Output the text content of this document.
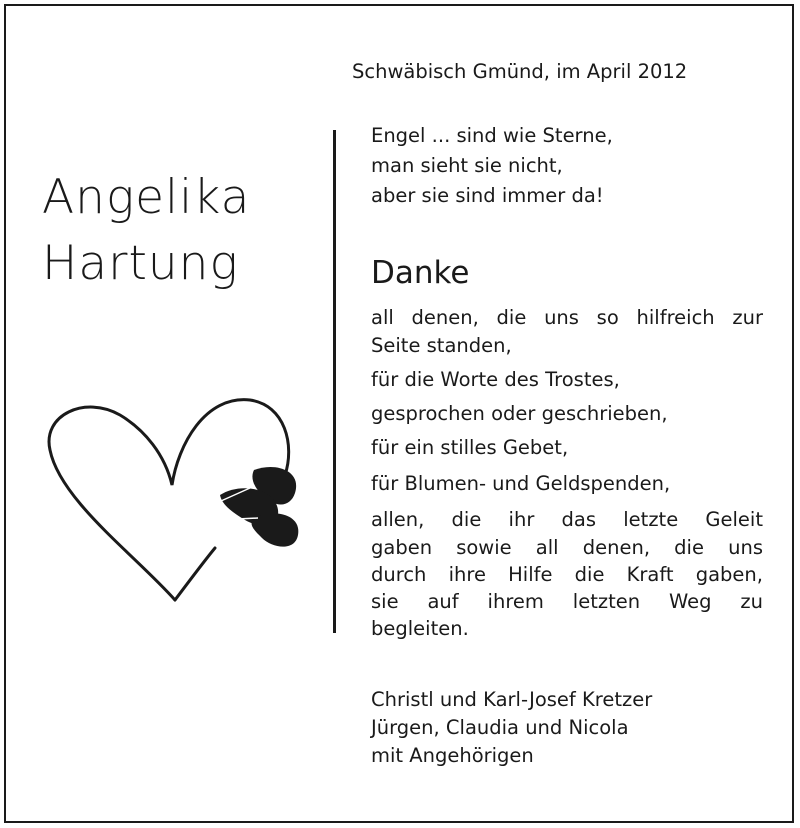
Schwäbisch Gmünd, im April 2012
Angelika
Hartung
Engel ... sind wie Sterne,
man sieht sie nicht,
aber sie sind immer da!
Danke
all denen, die uns so hilfreich zur
Seite standen,
für die Worte des Trostes,
gesprochen oder geschrieben,
für ein stilles Gebet,
für Blumen- und Geldspenden,
allen, die ihr das letzte Geleit
gaben sowie all denen, die uns
durch ihre Hilfe die Kraft gaben,
sie auf ihrem letzten Weg zu
begleiten.
Christl und Karl-Josef Kretzer
Jürgen, Claudia und Nicola
mit Angehörigen
